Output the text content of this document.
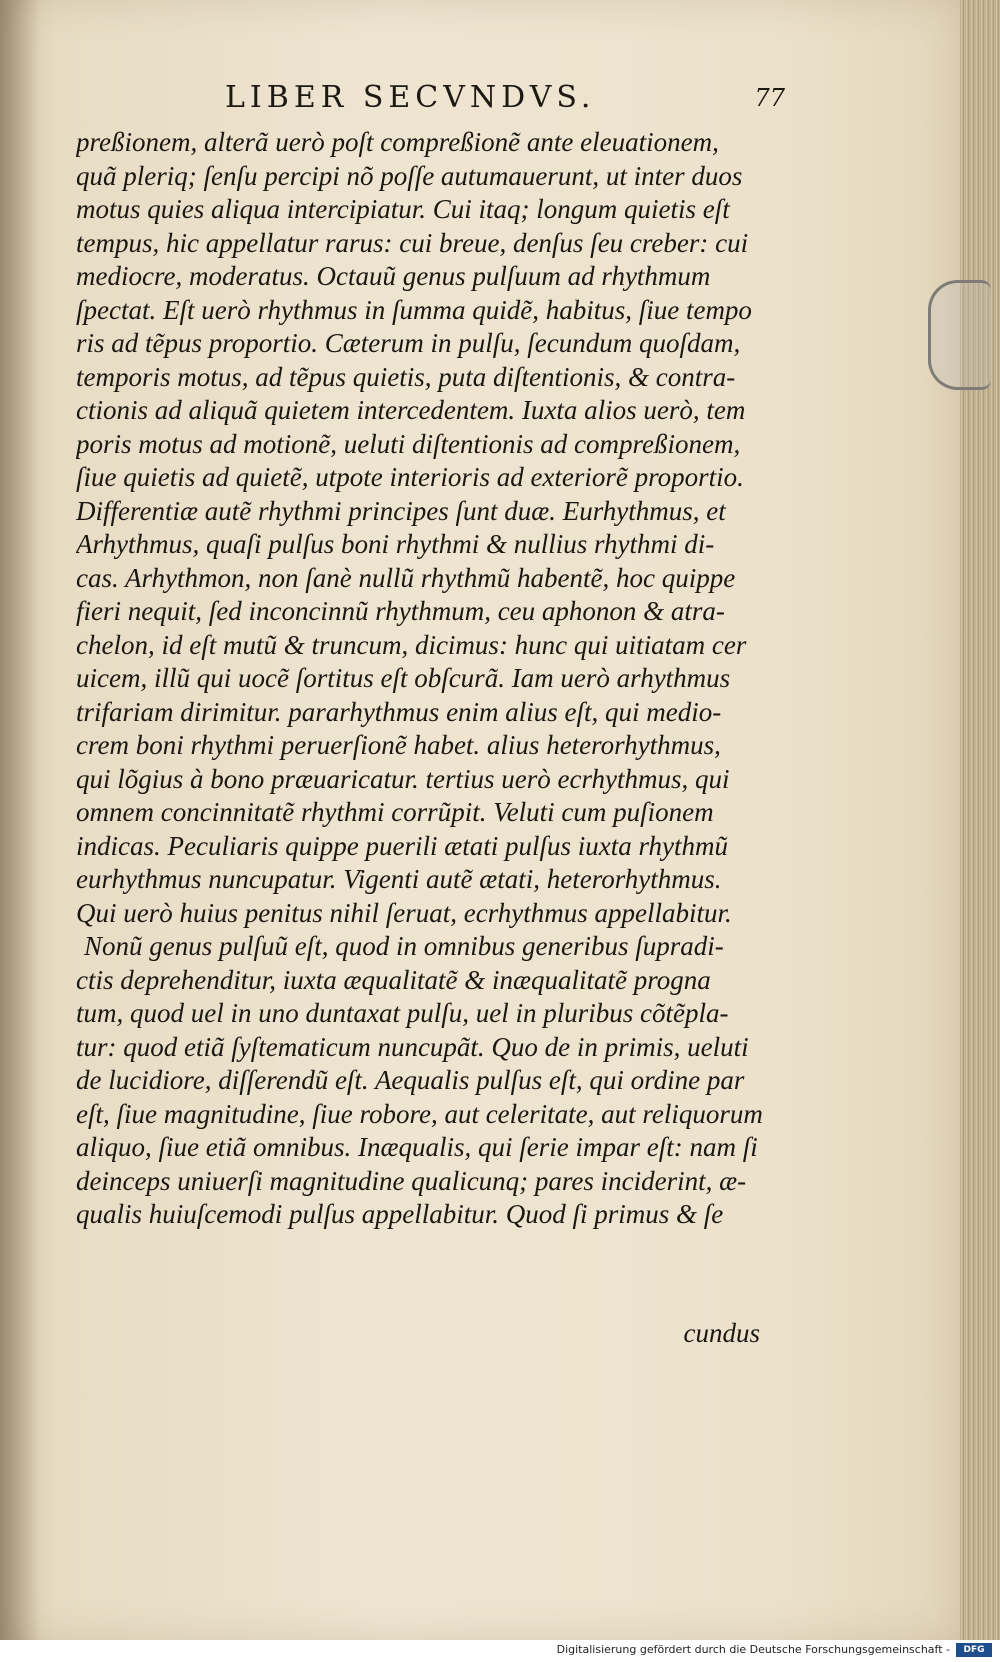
LIBER SECVNDVS.	77
preßionem, alterã uerò poſt compreßionẽ ante eleuationem,
quã pleriq; ſenſu percipi nõ poſſe autumauerunt, ut inter duos
motus quies aliqua intercipiatur. Cui itaq; longum quietis eſt
tempus, hic appellatur rarus: cui breue, denſus ſeu creber: cui
mediocre, moderatus. Octauũ genus pulſuum ad rhythmum
ſpectat. Eſt uerò rhythmus in ſumma quidẽ, habitus, ſiue tempo
ris ad tẽpus proportio. Cæterum in pulſu, ſecundum quoſdam,
temporis motus, ad tẽpus quietis, puta diſtentionis, & contra-
ctionis ad aliquã quietem intercedentem. Iuxta alios uerò, tem
poris motus ad motionẽ, ueluti diſtentionis ad compreßionem,
ſiue quietis ad quietẽ, utpote interioris ad exteriorẽ proportio.
Differentiæ autẽ rhythmi principes ſunt duæ. Eurhythmus, et
Arhythmus, quaſi pulſus boni rhythmi & nullius rhythmi di-
cas. Arhythmon, non ſanè nullũ rhythmũ habentẽ, hoc quippe
fieri nequit, ſed inconcinnũ rhythmum, ceu aphonon & atra-
chelon, id eſt mutũ & truncum, dicimus: hunc qui uitiatam cer
uicem, illũ qui uocẽ ſortitus eſt obſcurã. Iam uerò arhythmus
trifariam dirimitur. pararhythmus enim alius eſt, qui medio-
crem boni rhythmi peruerſionẽ habet. alius heterorhythmus,
qui lõgius à bono præuaricatur. tertius uerò ecrhythmus, qui
omnem concinnitatẽ rhythmi corrũpit. Veluti cum puſionem
indicas. Peculiaris quippe puerili ætati pulſus iuxta rhythmũ
eurhythmus nuncupatur. Vigenti autẽ ætati, heterorhythmus.
Qui uerò huius penitus nihil ſeruat, ecrhythmus appellabitur.
Nonũ genus pulſuũ eſt, quod in omnibus generibus ſupradi-
ctis deprehenditur, iuxta æqualitatẽ & inæqualitatẽ progna
tum, quod uel in uno duntaxat pulſu, uel in pluribus cõtẽpla-
tur: quod etiã ſyſtematicum nuncupãt. Quo de in primis, ueluti
de lucidiore, diſſerendũ eſt. Aequalis pulſus eſt, qui ordine par
eſt, ſiue magnitudine, ſiue robore, aut celeritate, aut reliquorum
aliquo, ſiue etiã omnibus. Inæqualis, qui ſerie impar eſt: nam ſi
deinceps uniuerſi magnitudine qualicunq; pares inciderint, æ-
qualis huiuſcemodi pulſus appellabitur. Quod ſi primus & ſe
cundus
Digitalisierung gefördert durch die Deutsche Forschungsgemeinschaft -	DFG
